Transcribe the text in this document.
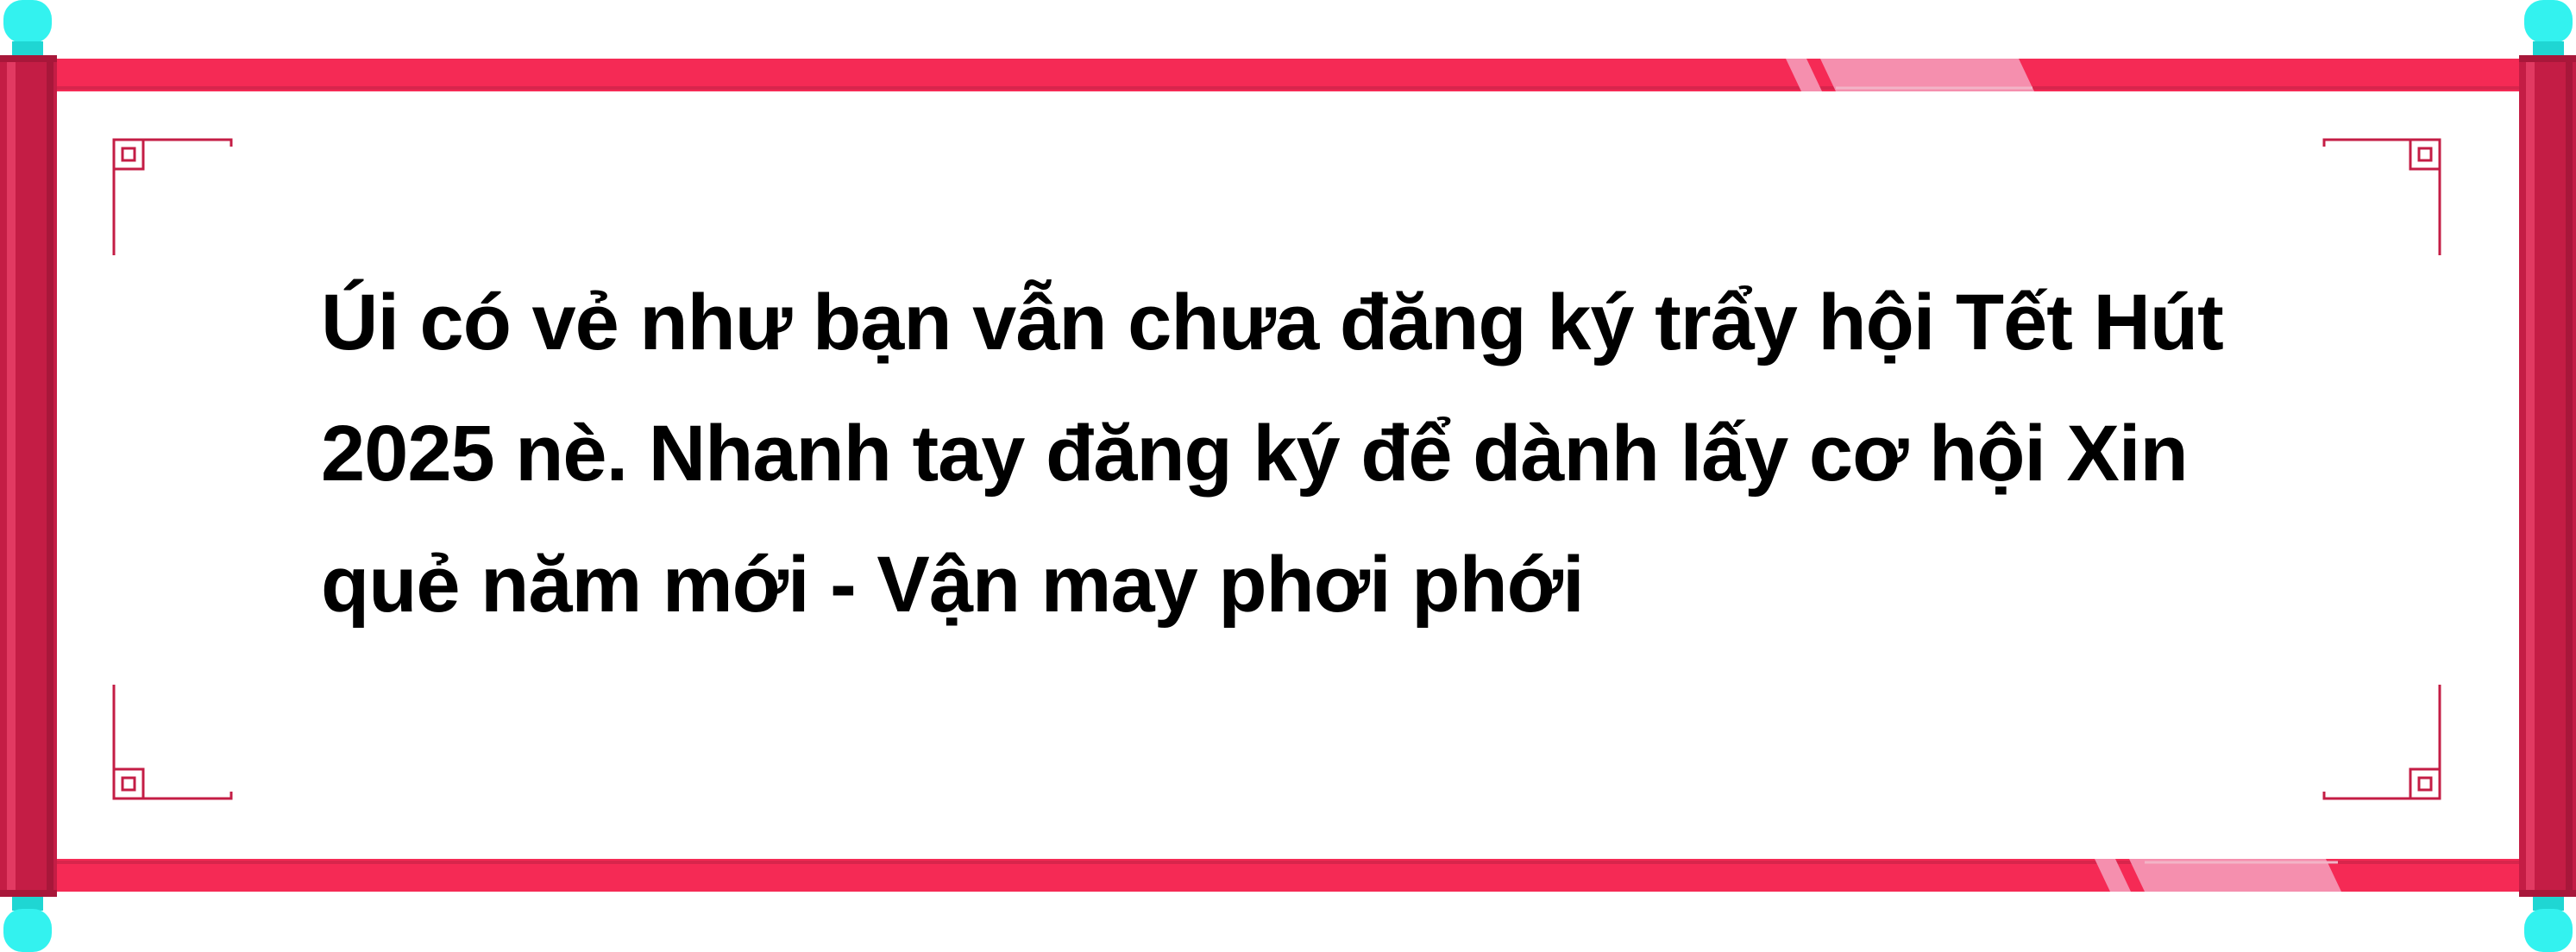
Úi có vẻ như bạn vẫn chưa đăng ký trẩy hội Tết Hút 2025 nè. Nhanh tay đăng ký để dành lấy cơ hội Xin quẻ năm mới - Vận may phơi phới
